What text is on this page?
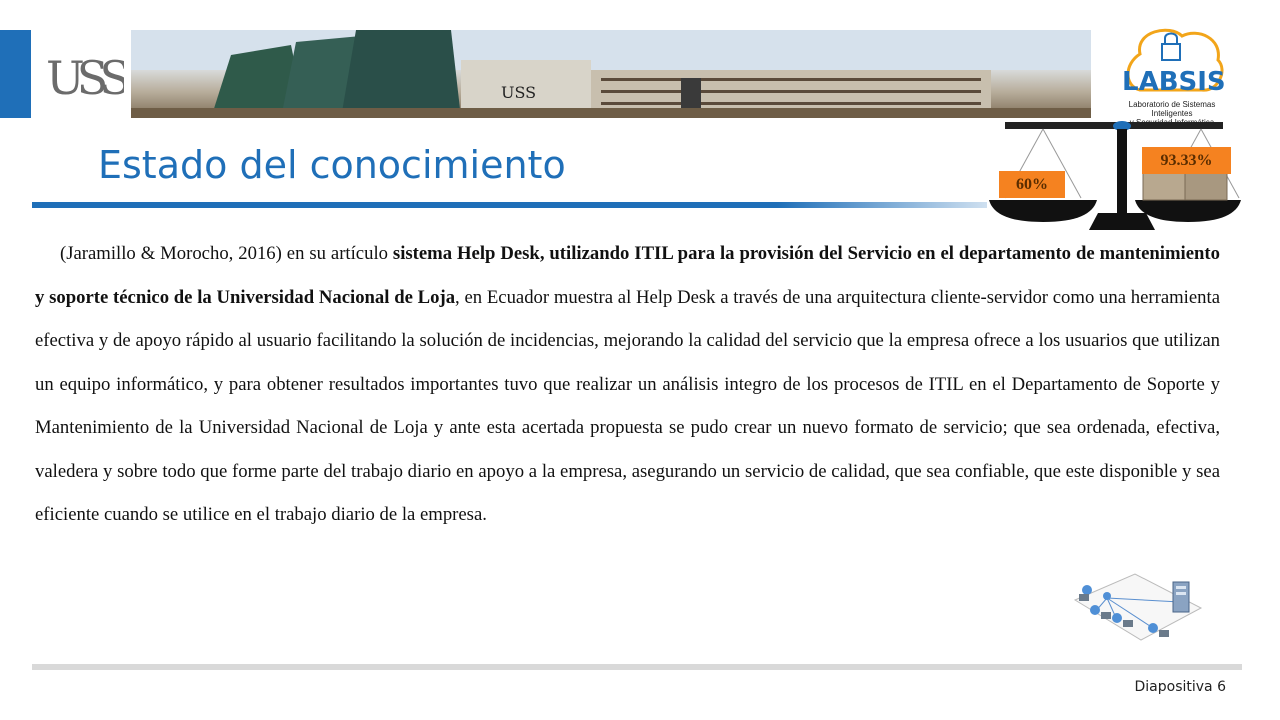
USS	USS	LABSIS
Laboratorio de Sistemas Inteligentes
Estado del conocimiento	60%
93.33%

(Jaramillo & Morocho, 2016) en su artículo sistema Help Desk, utilizando ITIL para la provisión del Servicio en el departamento de mantenimiento y soporte técnico de la Universidad Nacional de Loja, en Ecuador muestra al Help Desk a través de una arquitectura cliente-servidor como una herramienta efectiva y de apoyo rápido al usuario facilitando la solución de incidencias, mejorando la calidad del servicio que la empresa ofrece a los usuarios que utilizan un equipo informático, y para obtener resultados importantes tuvo que realizar un análisis integro de los procesos de ITIL en el Departamento de Soporte y Mantenimiento de la Universidad Nacional de Loja y ante esta acertada propuesta se pudo crear un nuevo formato de servicio; que sea ordenada, efectiva, valedera y sobre todo que forme parte del trabajo diario en apoyo a la empresa, asegurando un servicio de calidad, que sea confiable, que este disponible y sea eficiente cuando se utilice en el trabajo diario de la empresa.

Diapositiva 6
